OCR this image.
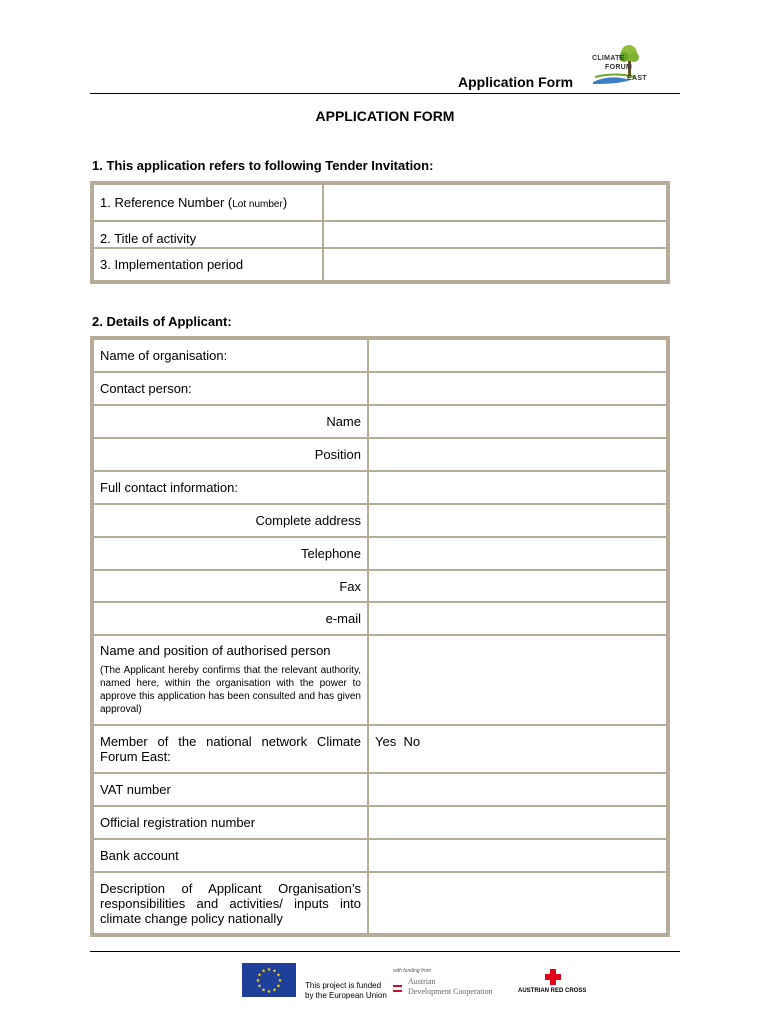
Application Form
CLIMATE
FORUM
EAST
APPLICATION FORM
1. This application refers to following Tender Invitation:
1. Reference Number (Lot number)	
2. Title of activity	
3. Implementation period	
2. Details of Applicant:
Name of organisation:	
Contact person:	
Name	
Position	
Full contact information:	
Complete address	
Telephone	
Fax	
e-mail	

Name and position of authorised person
(The Applicant hereby confirms that the relevant authority, named here, within the organisation with the power to approve this application has been consulted and has given approval)	

Member of the national network Climate Forum East:	Yes No
VAT number	
Official registration number	
Bank account	
Description of Applicant Organisation’s responsibilities and activities/ inputs into climate change policy nationally	
★ ★
★
★
★
★
★
★
★
★
★
★
This project is funded
by the European Union
with funding from
Austrian
Development Cooperation	AUSTRIAN RED CROSS
